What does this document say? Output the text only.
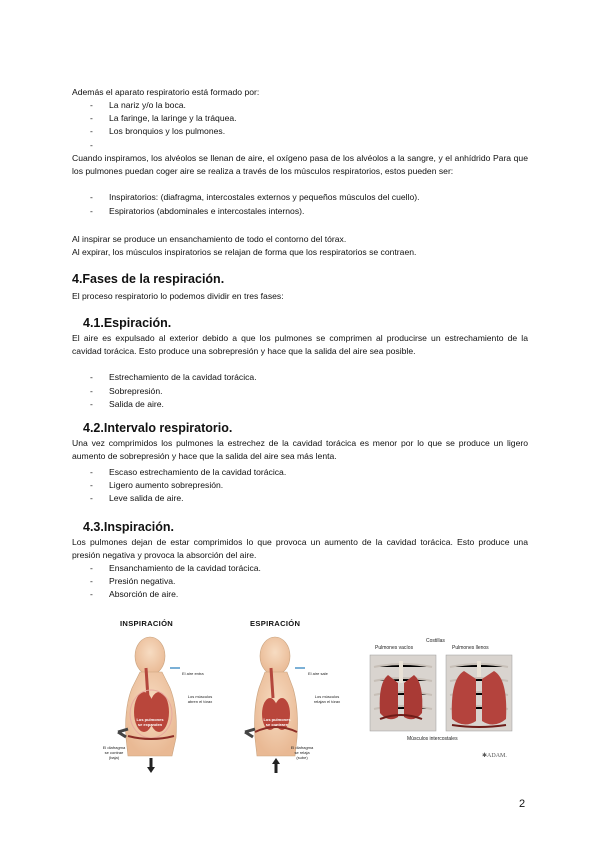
Además el aparato respiratorio está formado por:

- La nariz y/o la boca.
- La faringe, la laringe y la tráquea.
- Los bronquios y los pulmones.
-

Cuando inspiramos, los alvéolos se llenan de aire, el oxígeno pasa de los alvéolos a la sangre, y el anhídrido Para que los pulmones puedan coger aire se realiza a través de los músculos respiratorios, estos pueden ser:

- Inspiratorios: (diafragma, intercostales externos y pequeños músculos del cuello).
- Espiratorios (abdominales e intercostales internos).

Al inspirar se produce un ensanchamiento de todo el contorno del tórax.

Al expirar, los músculos inspiratorios se relajan de forma que los respiratorios se contraen.

4.Fases de la respiración.

El proceso respiratorio lo podemos dividir en tres fases:

4.1.Espiración.

El aire es expulsado al exterior debido a que los pulmones se comprimen al producirse un estrechamiento de la cavidad torácica. Esto produce una sobrepresión y hace que la salida del aire sea posible.

- Estrechamiento de la cavidad torácica.
- Sobrepresión.
- Salida de aire.
4.2.Intervalo respiratorio.

Una vez comprimidos los pulmones la estrechez de la cavidad torácica es menor por lo que se produce un ligero aumento de sobrepresión y hace que la salida del aire sea más lenta.

- Escaso estrechamiento de la cavidad torácica.
- Ligero aumento sobrepresión.
- Leve salida de aire.
4.3.Inspiración.

Los pulmones dejan de estar comprimidos lo que provoca un aumento de la cavidad torácica. Esto produce una presión negativa y provoca la absorción del aire.

- Ensanchamiento de la cavidad torácica.
- Presión negativa.
- Absorción de aire.
INSPIRACIÓN	ESPIRACIÓN
El aire entra
Los músculos
abren el tórax
Los pulmones
se expanden
El diafragma
se contrae
(baja)
El aire sale
Los músculos
relajan el tórax
Los pulmones
se contraen
El diafragma
se relaja
(sube)
Costillas
Pulmones vacíos	Pulmones llenos
Músculos intercostales
✱ADAM.
2
